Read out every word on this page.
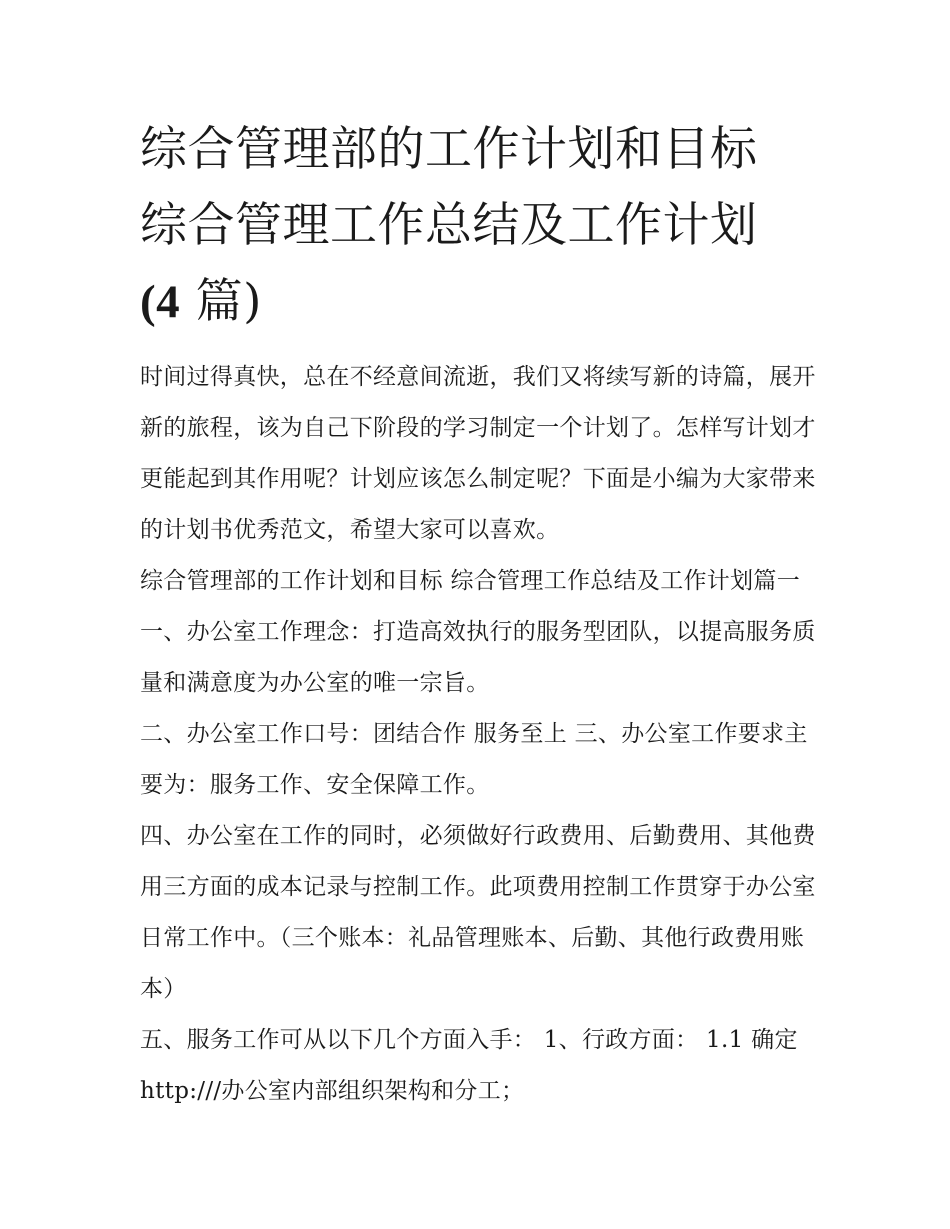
综合管理部的工作计划和目标
综合管理工作总结及工作计划
(4 篇)

时间过得真快，总在不经意间流逝，我们又将续写新的诗篇，展开新的旅程，该为自己下阶段的学习制定一个计划了。怎样写计划才更能起到其作用呢？计划应该怎么制定呢？下面是小编为大家带来的计划书优秀范文，希望大家可以喜欢。

综合管理部的工作计划和目标 综合管理工作总结及工作计划篇一 一、办公室工作理念：打造高效执行的服务型团队，以提高服务质量和满意度为办公室的唯一宗旨。

二、办公室工作口号：团结合作 服务至上 三、办公室工作要求主要为：服务工作、安全保障工作。

四、办公室在工作的同时，必须做好行政费用、后勤费用、其他费用三方面的成本记录与控制工作。此项费用控制工作贯穿于办公室日常工作中。（三个账本：礼品管理账本、后勤、其他行政费用账本）

五、服务工作可从以下几个方面入手： 1、行政方面： 1.1 确定 http:///办公室内部组织架构和分工；
